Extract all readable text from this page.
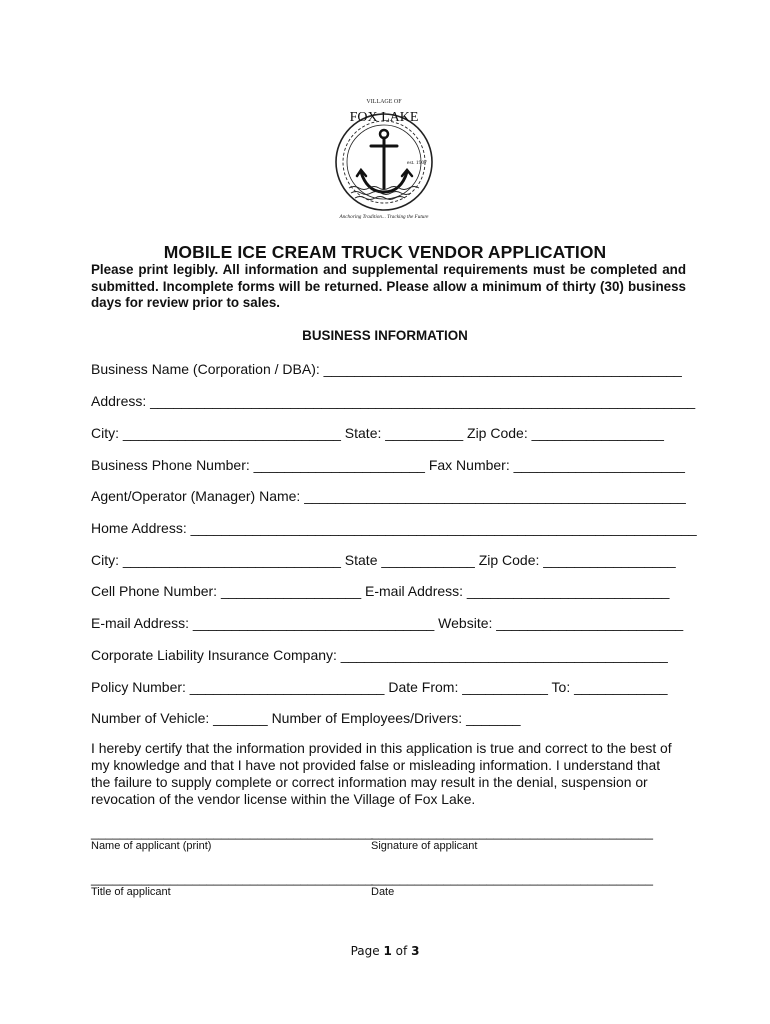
VILLAGE OF
FOX LAKE
est. 1907
Anchoring Tradition... Tracking the Future
MOBILE ICE CREAM TRUCK VENDOR APPLICATION
Please print legibly. All information and supplemental requirements must be completed and submitted. Incomplete forms will be returned. Please allow a minimum of thirty (30) business days for review prior to sales.
BUSINESS INFORMATION
Business Name (Corporation / DBA): ______________________________________________
Address: ______________________________________________________________________
City: ____________________________ State: __________ Zip Code: _________________
Business Phone Number: ______________________ Fax Number: ______________________
Agent/Operator (Manager) Name: _________________________________________________
Home Address: _________________________________________________________________
City: ____________________________ State ____________ Zip Code: _________________
Cell Phone Number: __________________ E-mail Address: __________________________
E-mail Address: _______________________________ Website: ________________________
Corporate Liability Insurance Company: __________________________________________
Policy Number: _________________________ Date From: ___________ To: ____________
Number of Vehicle: _______ Number of Employees/Drivers: _______
I hereby certify that the information provided in this application is true and correct to the best of my knowledge and that I have not provided false or misleading information. I understand that the failure to supply complete or correct information may result in the denial, suspension or revocation of the vendor license within the Village of Fox Lake.
_______________________________________
_______________________________________
Name of applicant (print)	Signature of applicant
_______________________________________
_______________________________________
Title of applicant	Date
Page 1 of 3
